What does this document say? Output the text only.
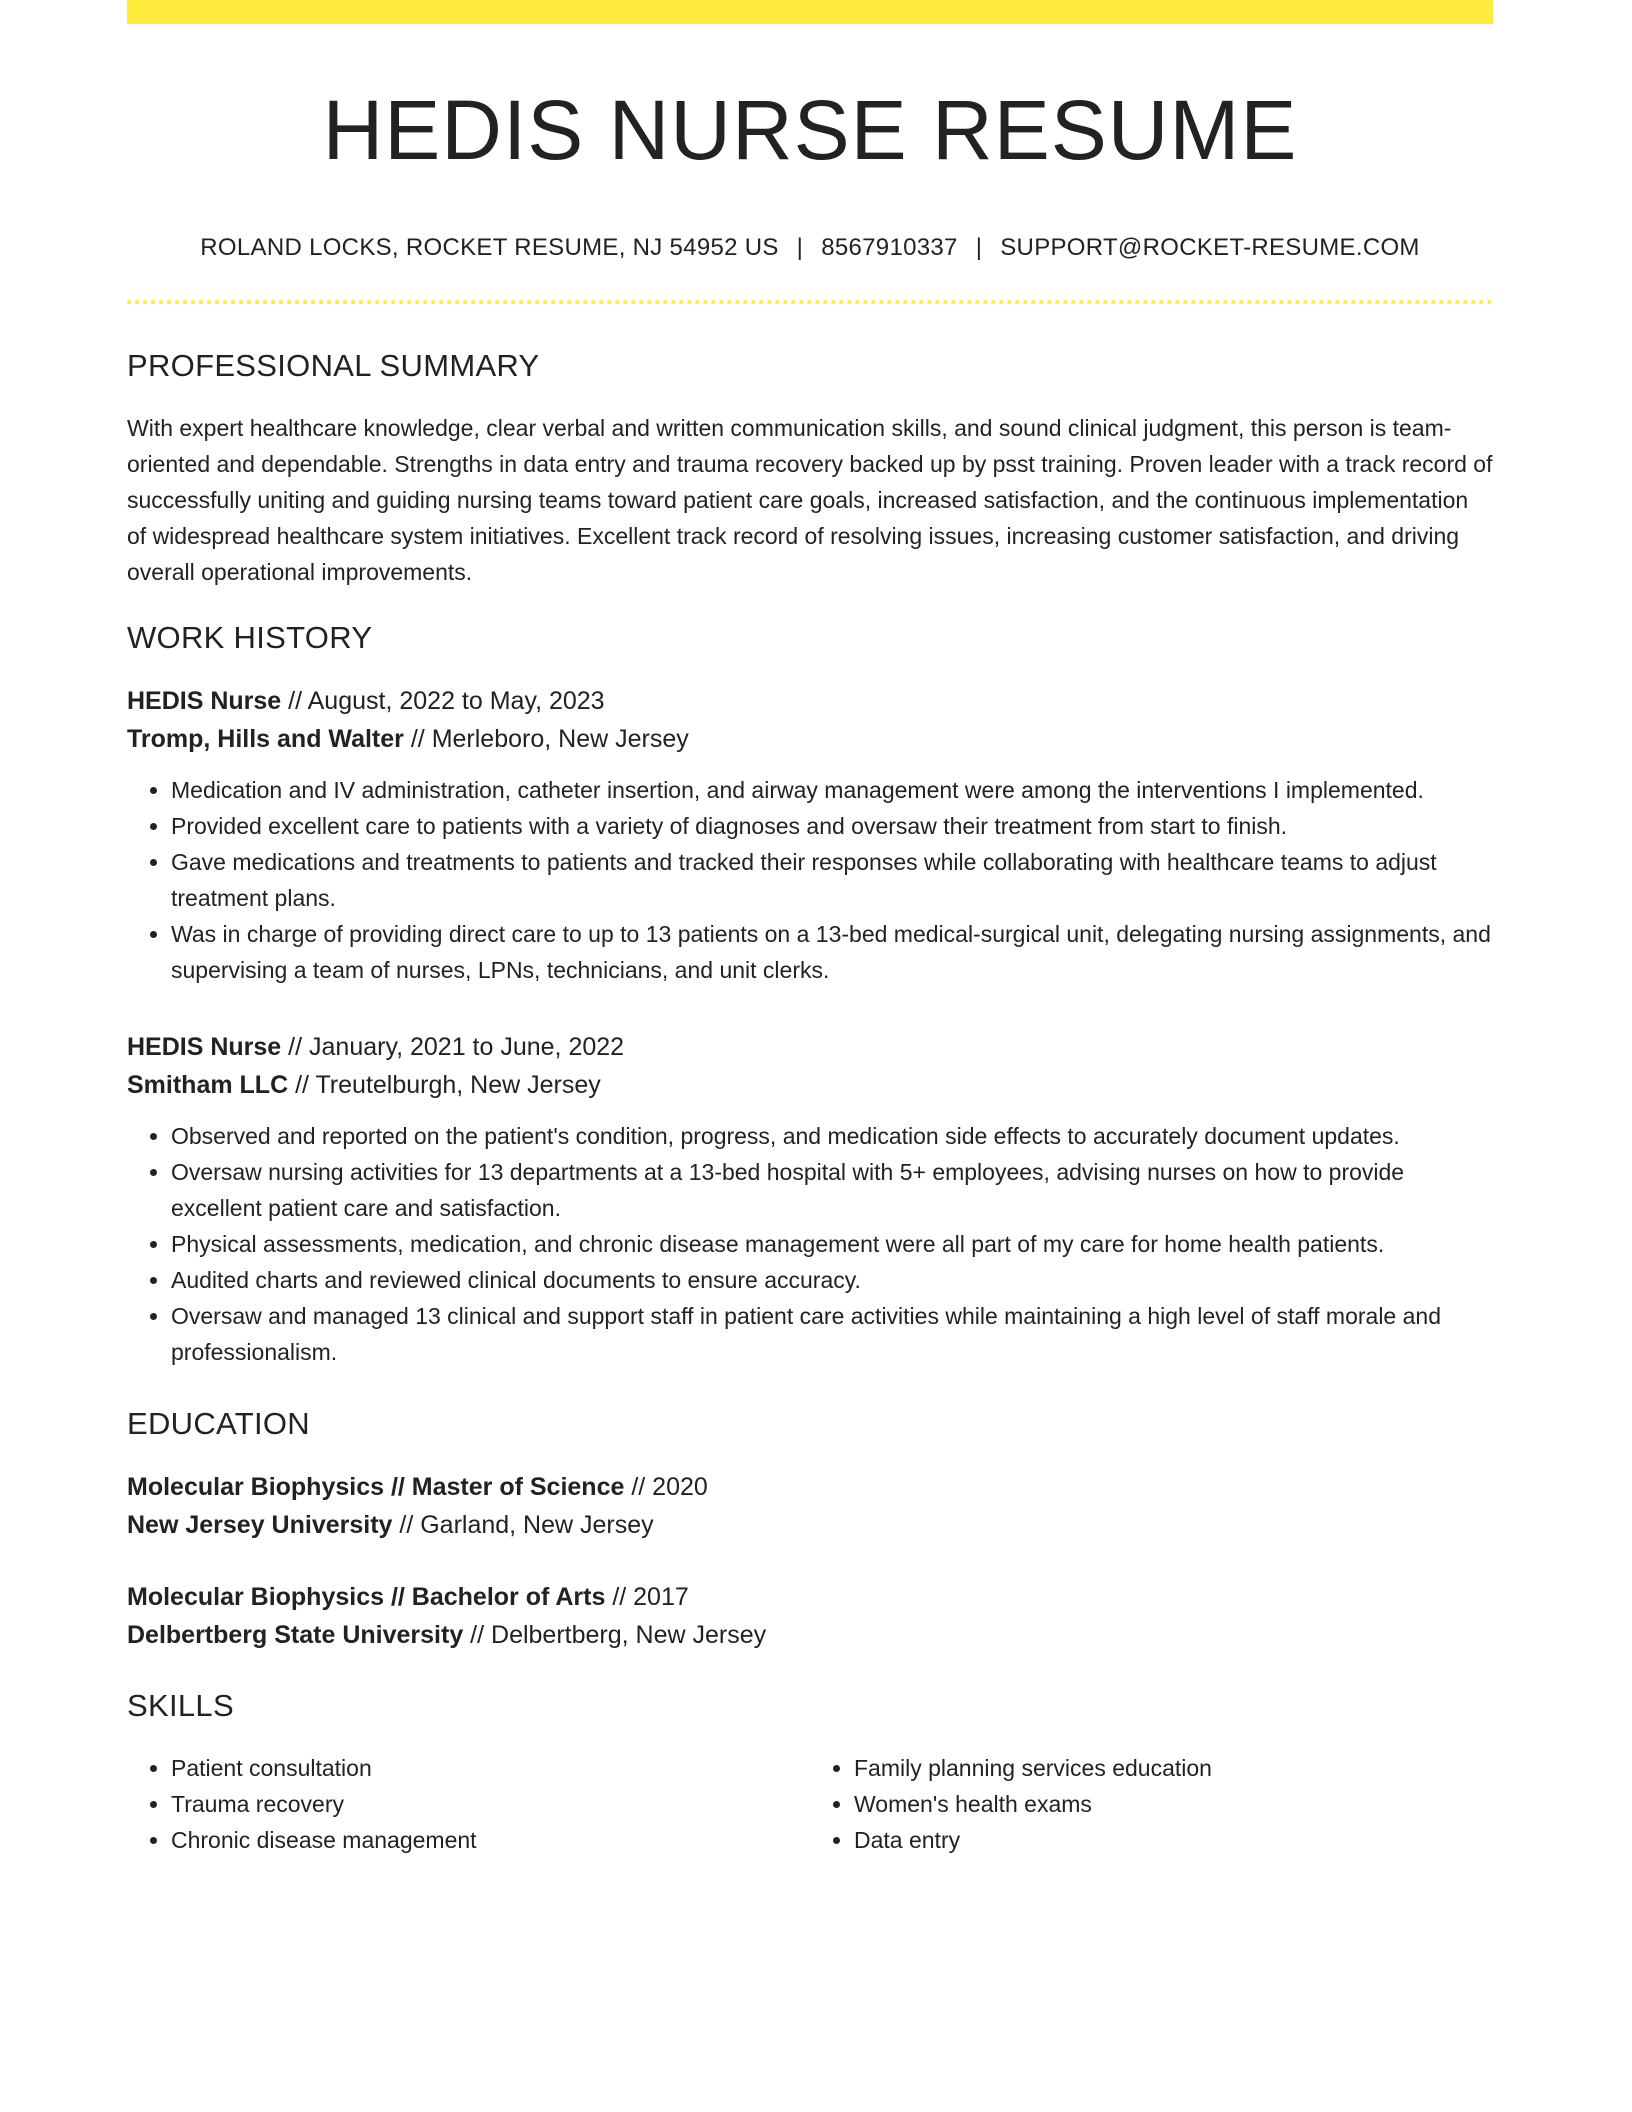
HEDIS NURSE RESUME
ROLAND LOCKS, ROCKET RESUME, NJ 54952 US | 8567910337 | SUPPORT@ROCKET-RESUME.COM
PROFESSIONAL SUMMARY
With expert healthcare knowledge, clear verbal and written communication skills, and sound clinical judgment, this person is team-oriented and dependable. Strengths in data entry and trauma recovery backed up by psst training. Proven leader with a track record of successfully uniting and guiding nursing teams toward patient care goals, increased satisfaction, and the continuous implementation of widespread healthcare system initiatives. Excellent track record of resolving issues, increasing customer satisfaction, and driving overall operational improvements.
WORK HISTORY
HEDIS Nurse // August, 2022 to May, 2023
Tromp, Hills and Walter // Merleboro, New Jersey
• Medication and IV administration, catheter insertion, and airway management were among the interventions I implemented.
• Provided excellent care to patients with a variety of diagnoses and oversaw their treatment from start to finish.
• Gave medications and treatments to patients and tracked their responses while collaborating with healthcare teams to adjust treatment plans.
• Was in charge of providing direct care to up to 13 patients on a 13-bed medical-surgical unit, delegating nursing assignments, and supervising a team of nurses, LPNs, technicians, and unit clerks.
HEDIS Nurse // January, 2021 to June, 2022
Smitham LLC // Treutelburgh, New Jersey
• Observed and reported on the patient's condition, progress, and medication side effects to accurately document updates.
• Oversaw nursing activities for 13 departments at a 13-bed hospital with 5+ employees, advising nurses on how to provide excellent patient care and satisfaction.
• Physical assessments, medication, and chronic disease management were all part of my care for home health patients.
• Audited charts and reviewed clinical documents to ensure accuracy.
• Oversaw and managed 13 clinical and support staff in patient care activities while maintaining a high level of staff morale and professionalism.
EDUCATION
Molecular Biophysics // Master of Science // 2020
New Jersey University // Garland, New Jersey
Molecular Biophysics // Bachelor of Arts // 2017
Delbertberg State University // Delbertberg, New Jersey
SKILLS
• Patient consultation
• Trauma recovery
• Chronic disease management
• Family planning services education
• Women's health exams
• Data entry
